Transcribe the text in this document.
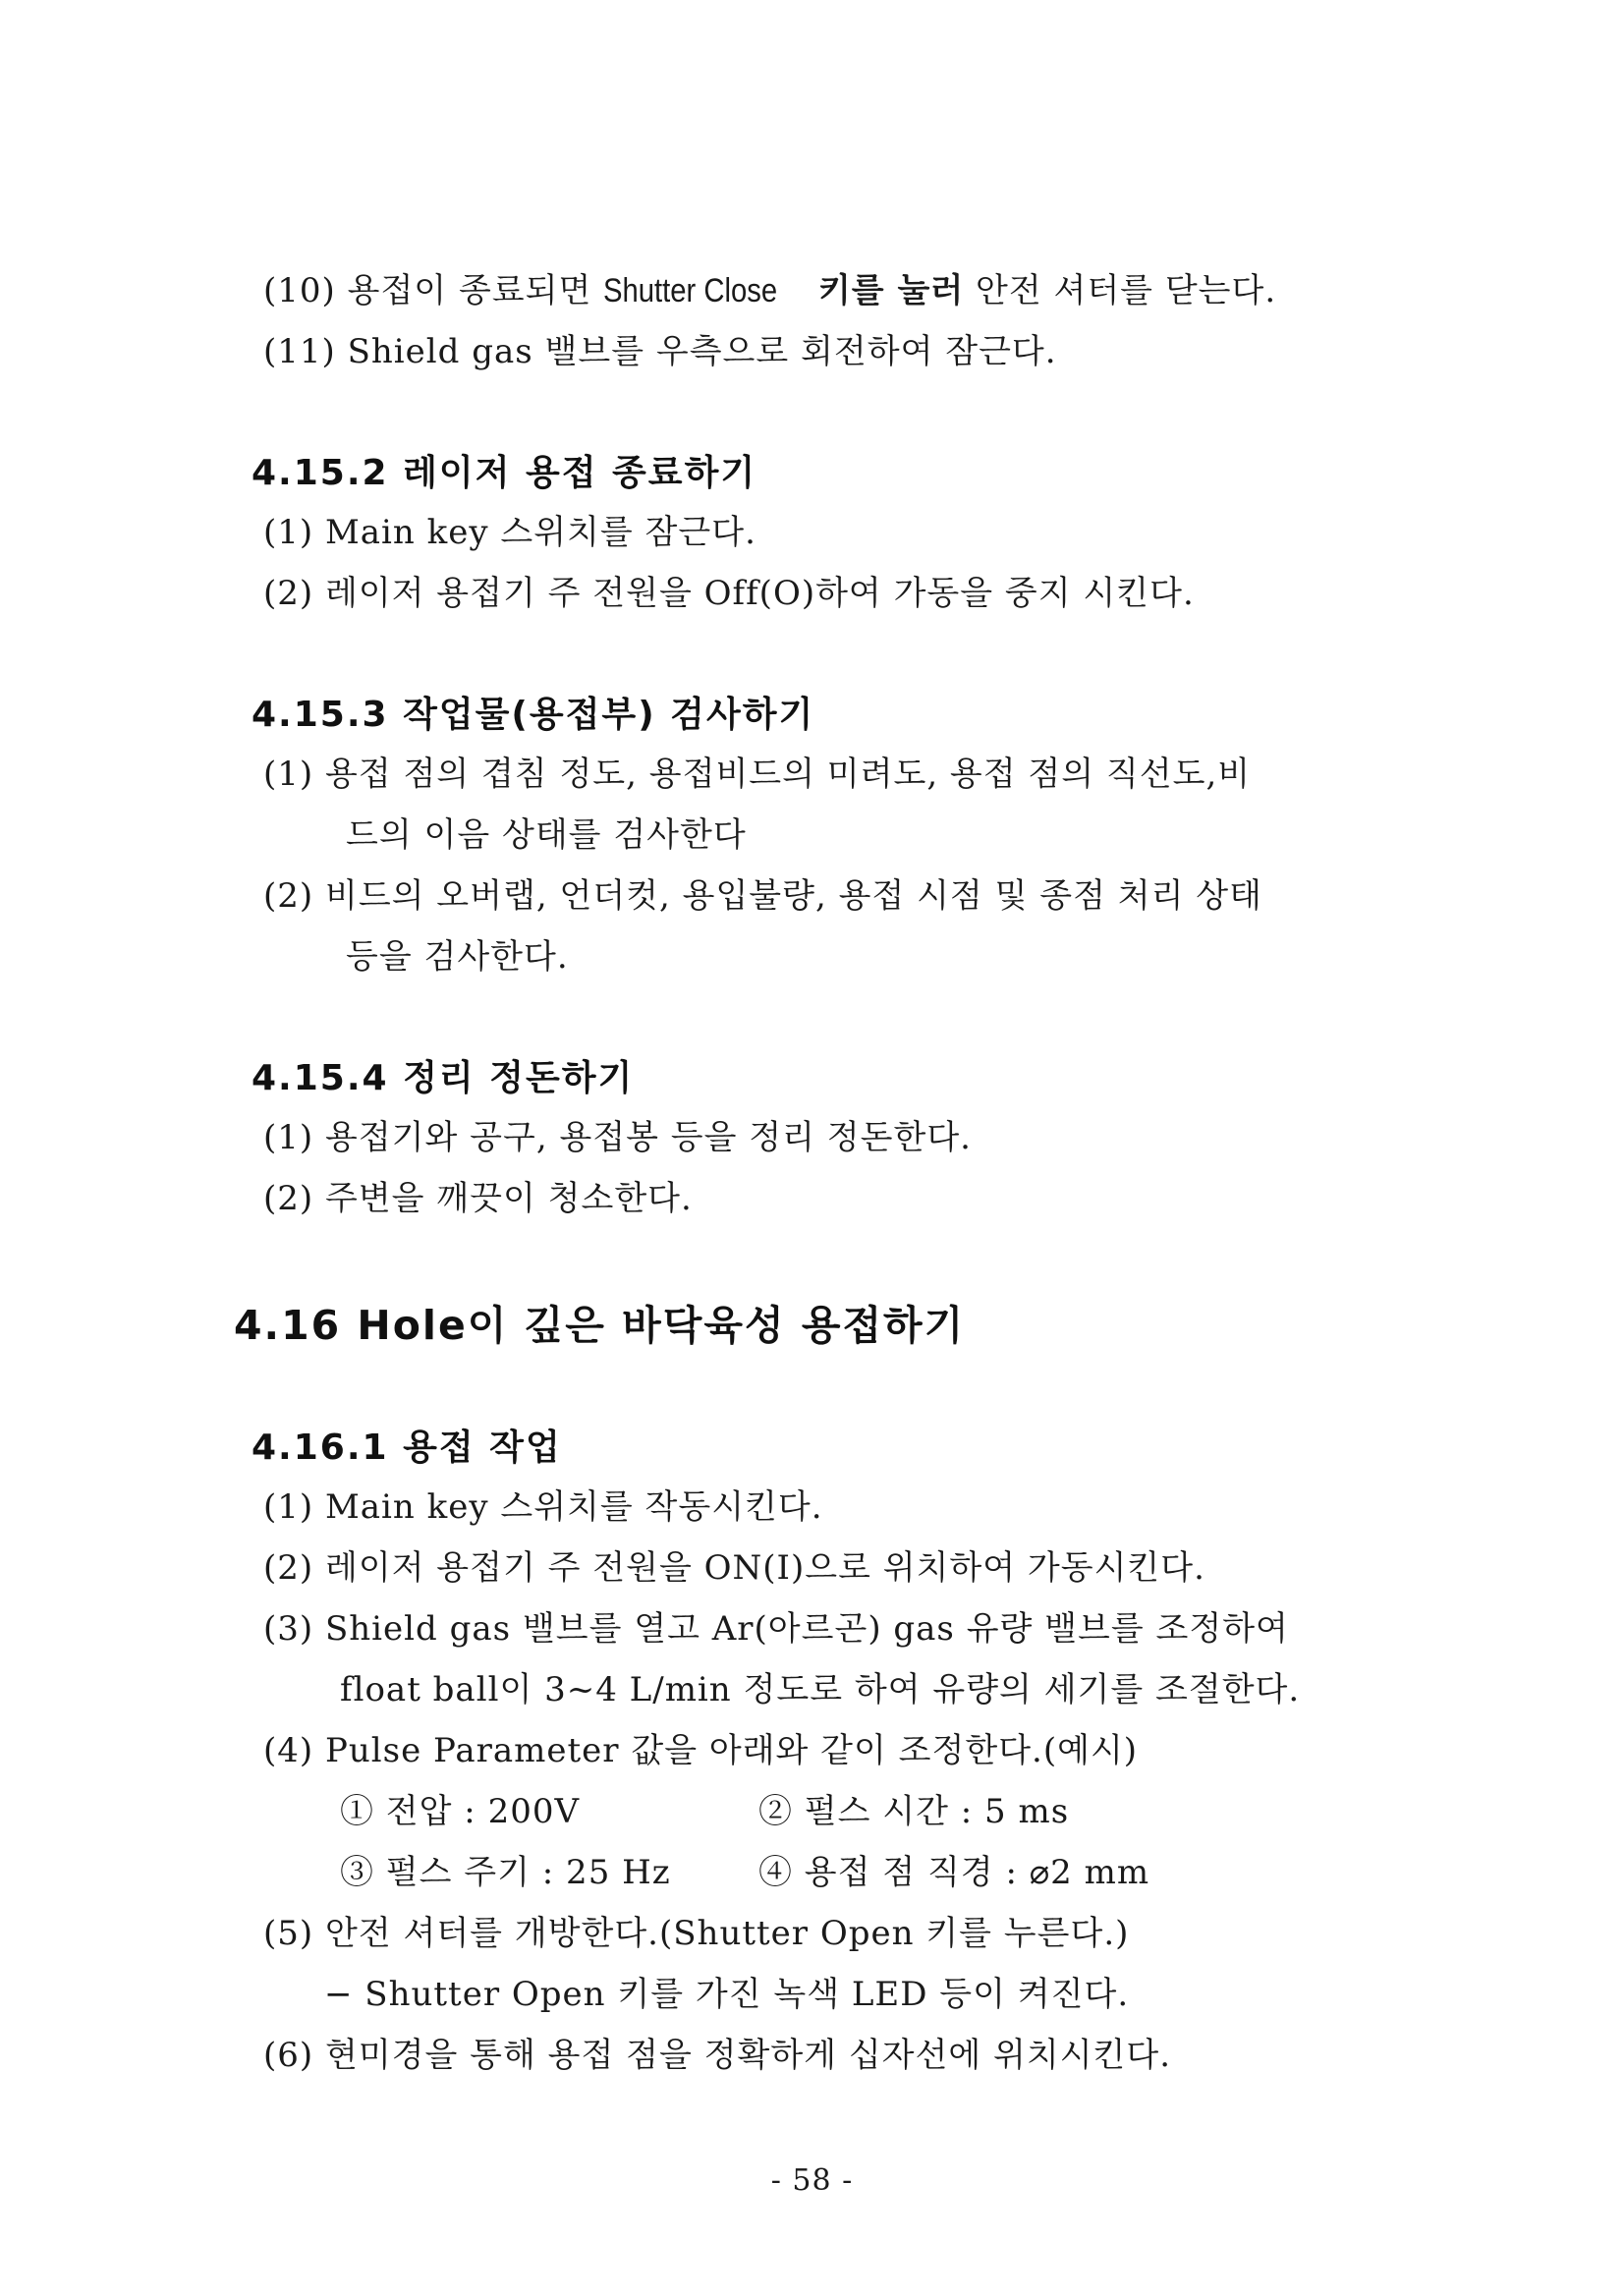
(10) 용접이 종료되면 Shutter Close 키를 눌러 안전 셔터를 닫는다.
(11) Shield gas 밸브를 우측으로 회전하여 잠근다.
4.15.2 레이저 용접 종료하기
(1) Main key 스위치를 잠근다.
(2) 레이저 용접기 주 전원을 Off(O)하여 가동을 중지 시킨다.
4.15.3 작업물(용접부) 검사하기
(1) 용접 점의 겹침 정도, 용접비드의 미려도, 용접 점의 직선도,비
드의 이음 상태를 검사한다
(2) 비드의 오버랩, 언더컷, 용입불량, 용접 시점 및 종점 처리 상태
등을 검사한다.
4.15.4 정리 정돈하기
(1) 용접기와 공구, 용접봉 등을 정리 정돈한다.
(2) 주변을 깨끗이 청소한다.
4.16 Hole이 깊은 바닥육성 용접하기
4.16.1 용접 작업
(1) Main key 스위치를 작동시킨다.
(2) 레이저 용접기 주 전원을 ON(Ⅰ)으로 위치하여 가동시킨다.
(3) Shield gas 밸브를 열고 Ar(아르곤) gas 유량 밸브를 조정하여
float ball이 3~4 L/min 정도로 하여 유량의 세기를 조절한다.
(4) Pulse Parameter 값을 아래와 같이 조정한다.(예시)
① 전압 : 200V	② 펄스 시간 : 5 ms
③ 펄스 주기 : 25 Hz	④ 용접 점 직경 : ⌀2 mm
(5) 안전 셔터를 개방한다.(Shutter Open 키를 누른다.)
− Shutter Open 키를 가진 녹색 LED 등이 켜진다.
(6) 현미경을 통해 용접 점을 정확하게 십자선에 위치시킨다.
- 58 -
